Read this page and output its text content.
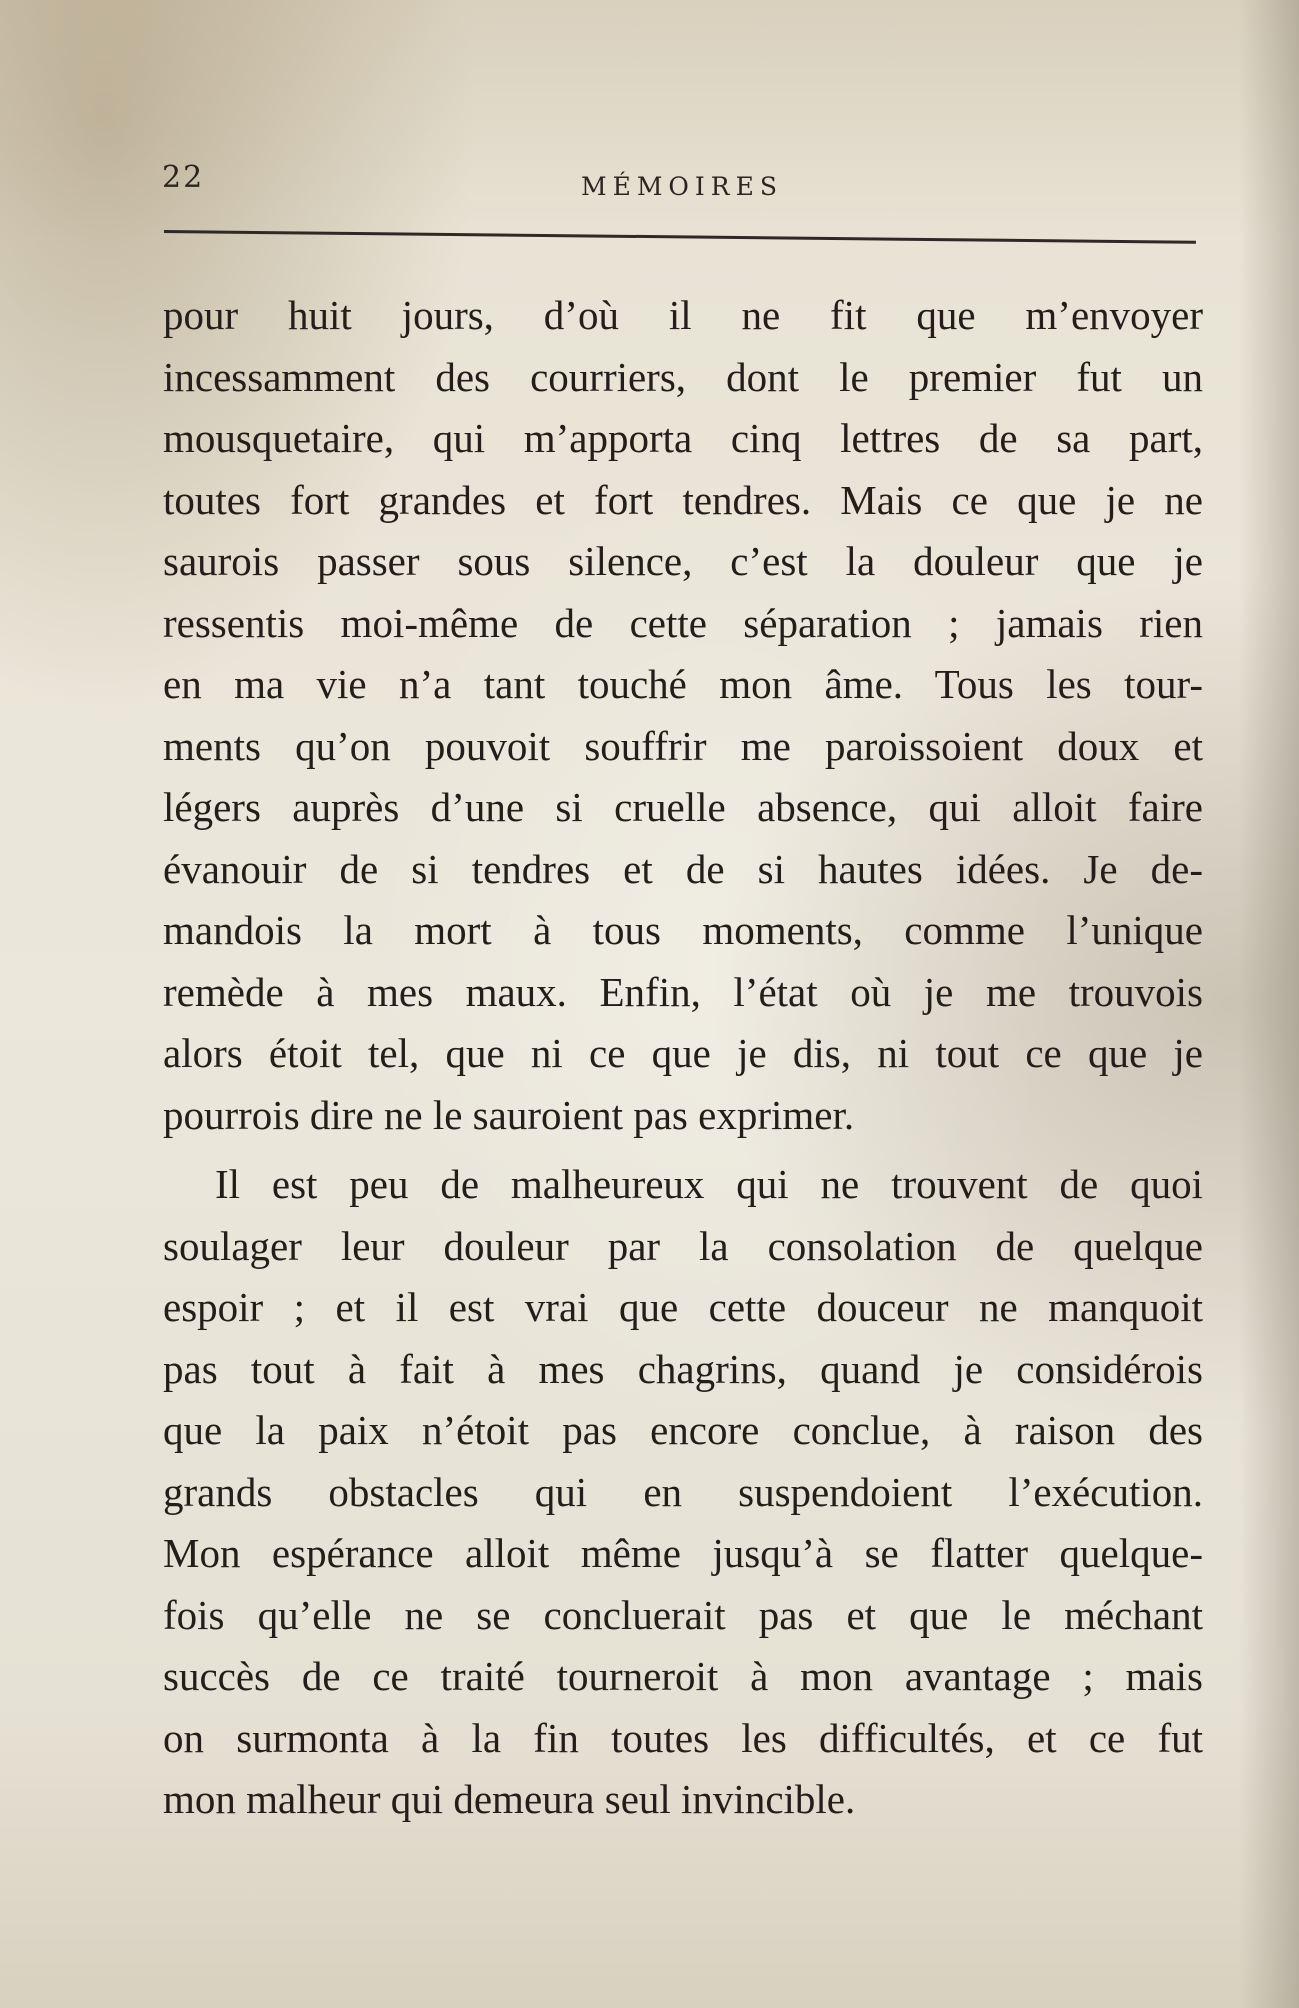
22	MÉMOIRES
pour huit jours, d’où il ne fit que m’envoyer
incessamment des courriers, dont le premier fut un
mousquetaire, qui m’apporta cinq lettres de sa part,
toutes fort grandes et fort tendres. Mais ce que je ne
saurois passer sous silence, c’est la douleur que je
ressentis moi-même de cette séparation ; jamais rien
en ma vie n’a tant touché mon âme. Tous les tour-
ments qu’on pouvoit souffrir me paroissoient doux et
légers auprès d’une si cruelle absence, qui alloit faire
évanouir de si tendres et de si hautes idées. Je de-
mandois la mort à tous moments, comme l’unique
remède à mes maux. Enfin, l’état où je me trouvois
alors étoit tel, que ni ce que je dis, ni tout ce que je
pourrois dire ne le sauroient pas exprimer.
Il est peu de malheureux qui ne trouvent de quoi
soulager leur douleur par la consolation de quelque
espoir ; et il est vrai que cette douceur ne manquoit
pas tout à fait à mes chagrins, quand je considérois
que la paix n’étoit pas encore conclue, à raison des
grands obstacles qui en suspendoient l’exécution.
Mon espérance alloit même jusqu’à se flatter quelque-
fois qu’elle ne se concluerait pas et que le méchant
succès de ce traité tourneroit à mon avantage ; mais
on surmonta à la fin toutes les difficultés, et ce fut
mon malheur qui demeura seul invincible.
